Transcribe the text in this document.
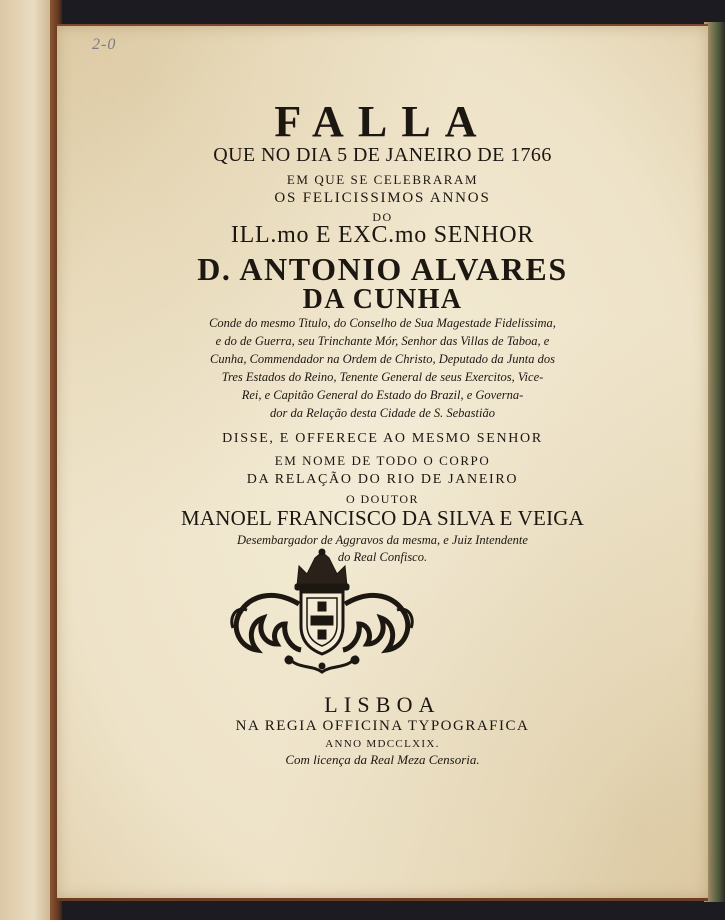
2-0
FALLA
QUE NO DIA 5 DE JANEIRO DE 1766
EM QUE SE CELEBRARAM
OS FELICISSIMOS ANNOS
DO
ILL.mo E EXC.mo SENHOR
D. ANTONIO ALVARES
DA CUNHA
Conde do mesmo Titulo, do Conselho de Sua Magestade Fidelissima,
e do de Guerra, seu Trinchante Mór, Senhor das Villas de Taboa, e
Cunha, Commendador na Ordem de Christo, Deputado da Junta dos
Tres Estados do Reino, Tenente General de seus Exercitos, Vice-
Rei, e Capitão General do Estado do Brazil, e Governa-
dor da Relação desta Cidade de S. Sebastião
DISSE, E OFFERECE AO MESMO SENHOR
EM NOME DE TODO O CORPO
DA RELAÇÃO DO RIO DE JANEIRO
O DOUTOR
MANOEL FRANCISCO DA SILVA E VEIGA
Desembargador de Aggravos da mesma, e Juiz Intendente
do Real Confisco.
LISBOA
NA REGIA OFFICINA TYPOGRAFICA
ANNO MDCCLXIX.
Com licença da Real Meza Censoria.
